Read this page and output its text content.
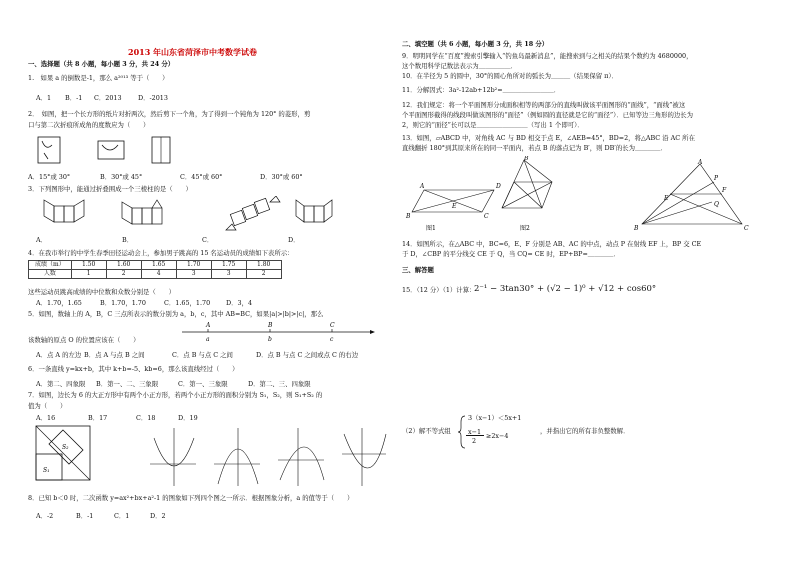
2013 年山东省菏泽市中考数学试卷
一、选择题（共 8 小题，每小题 3 分，共 24 分）
1.　如果 a 的倒数是-1，那么 a²⁰¹³ 等于（　　）
A．1 B．-1 C．2013	D．-2013
2．　如图，把一个长方形的纸片对折两次，然后剪下一个角，为了得到一个钝角为 120° 的菱形，剪
口与第二次折痕所成角的度数应为（　　）
A．15°或 30°	B．30°或 45°	C．45°或 60°	D．30°或 60°
3．下列图形中，能通过折叠围成一个三棱柱的是（　　）
A．	B．	C．	D．
4．在我市举行的中学生春季田径运动会上，参加男子跳高的 15 名运动员的成绩如下表所示：
成绩（m）	1.50	1.60	1.65	1.70	1.75	1.80
人数	1	2	4	3	3	2
这些运动员跳高成绩的中位数和众数分别是（　　）
A．1.70，1.65	B．1.70，1.70	C．1.65，1.70 D．3，4
5．如图，数轴上的 A，B，C 三点所表示的数分别为 a，b，c，其中 AB=BC，如果|a|>|b|>|c|，那么
A	B	C
a	b	c
该数轴的原点 O 的位置应该在（　　）
A．点 A 的左边 B．点 A 与点 B 之间	C．点 B 与点 C 之间	D．点 B 与点 C 之间或点 C 的右边
6．一条直线 y=kx+b，其中 k+b=-5、kb=6，那么该直线经过（　　）
A．第二、四象限 B．第一、二、三象限	C．第一、三象限	D．第二、三、四象限
7．如图，边长为 6 的大正方形中有两个小正方形，若两个小正方形的面积分别为 S₁，S₂，则 S₁+S₂ 的
值为（　　）
A．16	B．17	C．18	D．19
S₂
S₁
8．已知 b＜0 时，二次函数 y=ax²+bx+a²-1 的图象如下列四个图之一所示．根据图象分析，a 的值等于（　　）
A．-2	B．-1	C．1	D．2
二、填空题（共 6 小题，每小题 3 分，共 18 分）
9．明明同学在“百度”搜索引擎输入“钓鱼岛最新消息”，能搜索到与之相关的结果个数约为 4680000，
这个数用科学记数法表示为＿＿＿＿＿．
10．在半径为 5 的圆中，30°的圆心角所对的弧长为＿＿＿（结果保留 π）．
11．分解因式：3a²-12ab+12b²=＿＿＿＿＿＿＿＿．
12．我们规定：将一个平面图形分成面积相等的两部分的直线叫做该平面图形的“面线”，“面线”被这
个平面图形截得的线段叫做该图形的“面径”（例如圆的直径就是它的“面径”）．已知等边三角形的边长为
2，则它的“面径”长可以是＿＿＿＿＿＿＿＿（写出 1 个即可）．
13．如图，▱ABCD 中，对角线 AC 与 BD 相交于点 E，∠AEB=45°，BD=2，将△ABC 沿 AC 所在
直线翻折 180°到其原来所在的同一平面内，若点 B 的落点记为 B′，则 DB′的长为＿＿＿＿．
A
B	C
D
E
B′
图1	图2
A
B	C
E
F
Q
P
14．如图所示，在△ABC 中，BC=6，E、F 分别是 AB、AC 的中点，动点 P 在射线 EF 上，BP 交 CE
于 D，∠CBP 的平分线交 CE 于 Q，当 CQ= CE 时，EP+BP=＿＿＿＿．
三、解答题
15．（12 分）（1）计算：
2⁻¹ − 3tan30° + (√2 − 1)⁰ + √12 + cos60°
（2）解不等式组
3（x−1）＜5x+1
x−1
2
≥2x−4
，并指出它的所有非负整数解．
